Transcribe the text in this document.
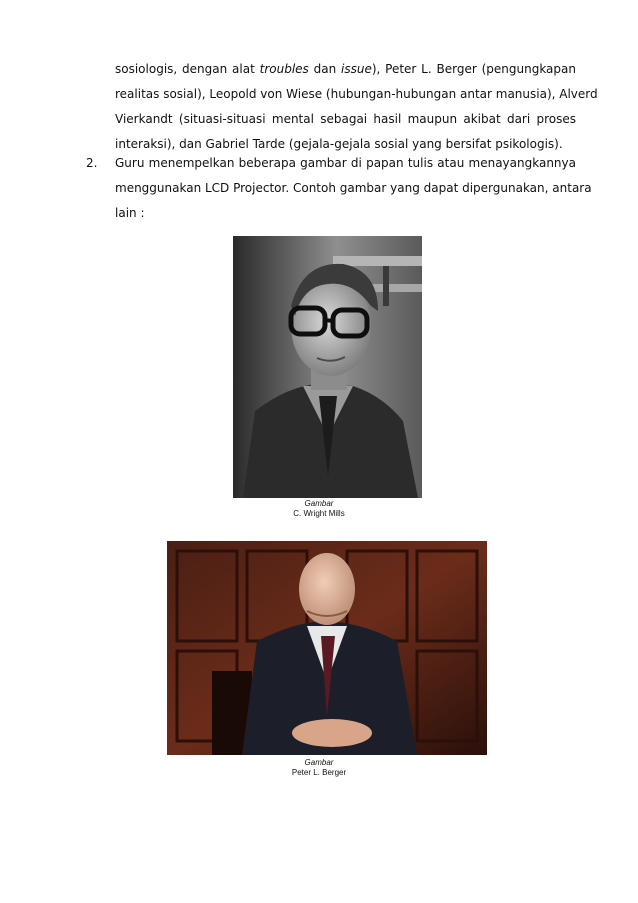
sosiologis, dengan alat troubles dan issue), Peter L. Berger (pengungkapan
realitas sosial), Leopold von Wiese (hubungan-hubungan antar manusia), Alverd
Vierkandt (situasi-situasi mental sebagai hasil maupun akibat dari proses
interaksi), dan Gabriel Tarde (gejala-gejala sosial yang bersifat psikologis).
2. Guru menempelkan beberapa gambar di papan tulis atau menayangkannya
menggunakan LCD Projector. Contoh gambar yang dapat dipergunakan, antara
lain :
Gambar
C. Wright Mills
Gambar
Peter L. Berger
